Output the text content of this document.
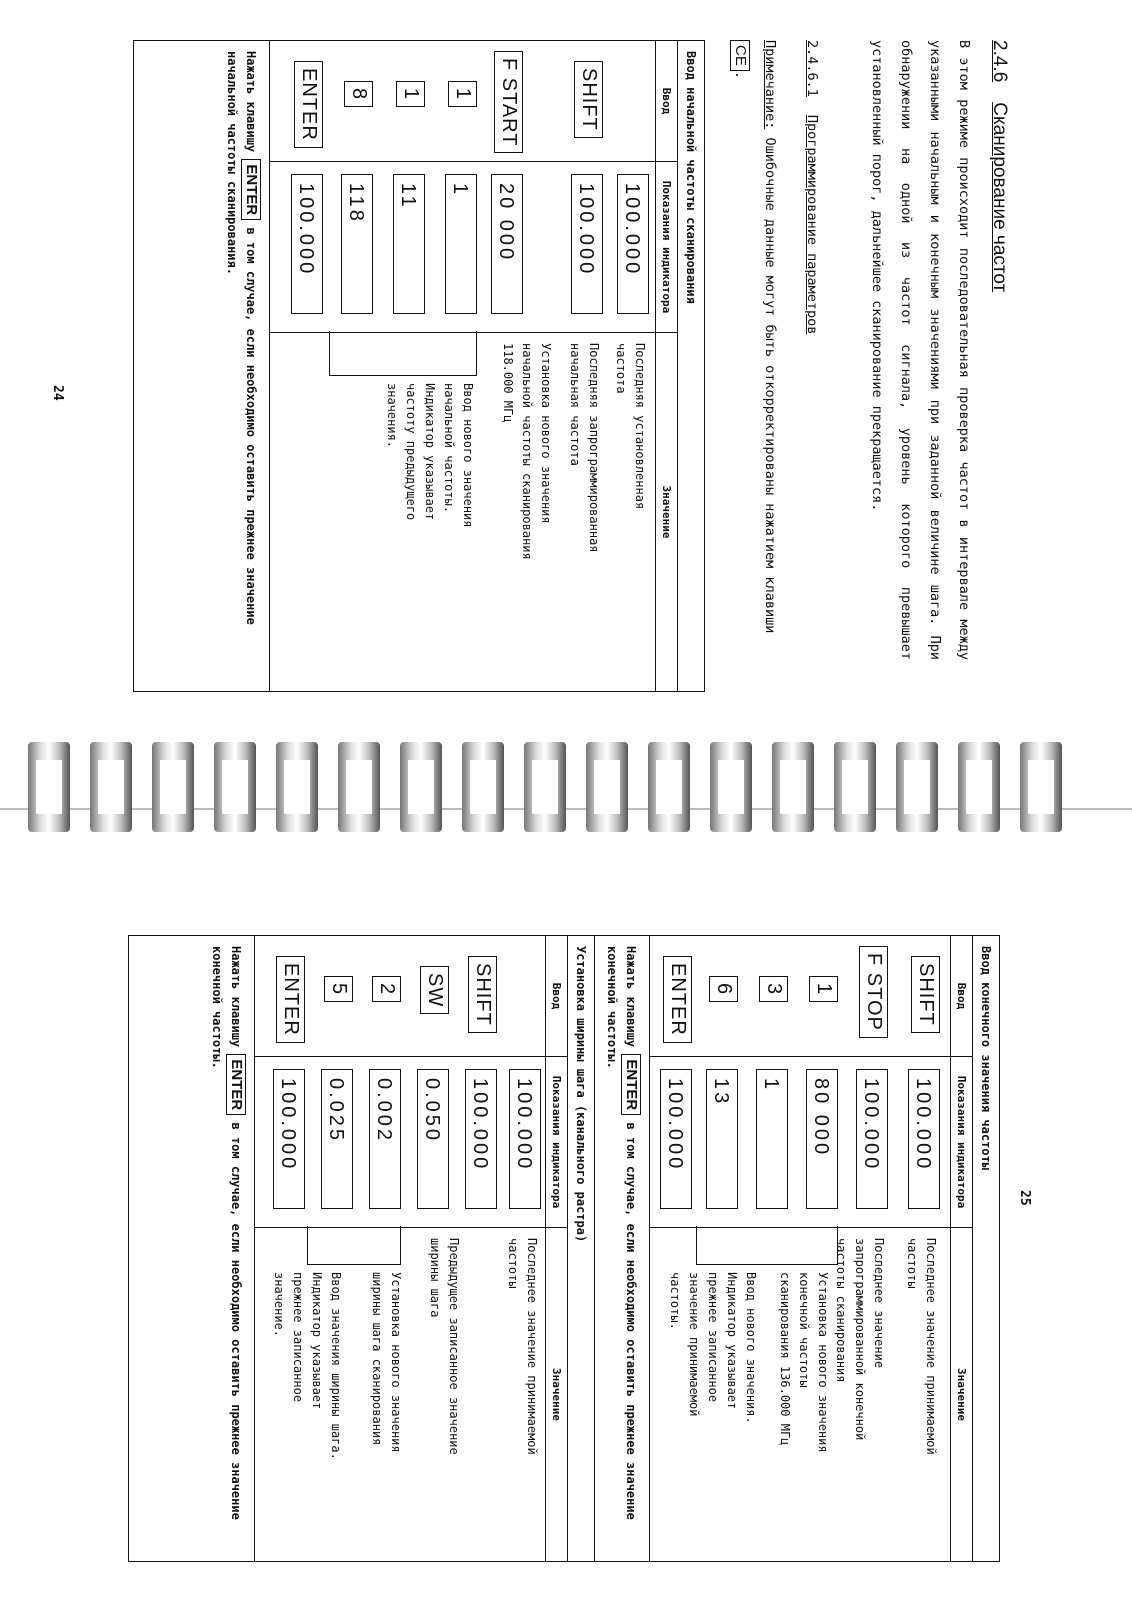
2.4.6Сканирование частот
В этом режиме происходит последовательная проверка частот в интервале между указанными начальным и конечным значениями при заданной величине шага. При обнаружении на одной из частот сигнала, уровень которого превышает установленный порог, дальнейшее сканирование прекращается.
2.4.6.1Программирование параметров
Примечание: Ошибочные данные могут быть откорректированы нажатием клавиши CE.
Ввод начальной частоты сканирования
Ввод
Показания индикатора
Значение
SHIFT
F START
1
1
8
ENTER
100.000
100.000
20 000
1
11
118
100.000
Последняя установленная частота
Последняя запрограммированная начальная частота
Установка нового значения начальной частоты сканирования 118.000 МГц
Ввод нового значения начальной частоты. Индикатор указывает частоту предыдущего значения.
Нажать клавишу ENTER в том случае, если необходимо оставить прежнее значение начальной частоты сканирования.
24
25
Ввод конечного значения частоты
Ввод
Показания индикатора
Значение
SHIFT
F STOP
1
3
6
ENTER
100.000
100.000
80 000
1
13
100.000
Последнее значение принимаемой частоты
Последнее значение запрограммированной конечной частоты сканирования
Установка нового значения конечной частоты сканирования 136.000 МГц
Ввод нового значения. Индикатор указывает прежнее записанное значение принимаемой частоты.
Нажать клавишу ENTER в том случае, если необходимо оставить прежнее значение конечной частоты.
Установка ширины шага (канального растра)
Ввод
Показания индикатора
Значение
SHIFT
SW
2
5
ENTER
100.000
100.000
0.050
0.002
0.025
100.000
Последнее значение принимаемой частоты
Предыдущее записанное значение ширины шага
Установка нового значения ширины шага сканирования
Ввод значения ширины шага. Индикатор указывает прежнее записанное значение.
Нажать клавишу ENTER в том случае, если необходимо оставить прежнее значение конечной частоты.
